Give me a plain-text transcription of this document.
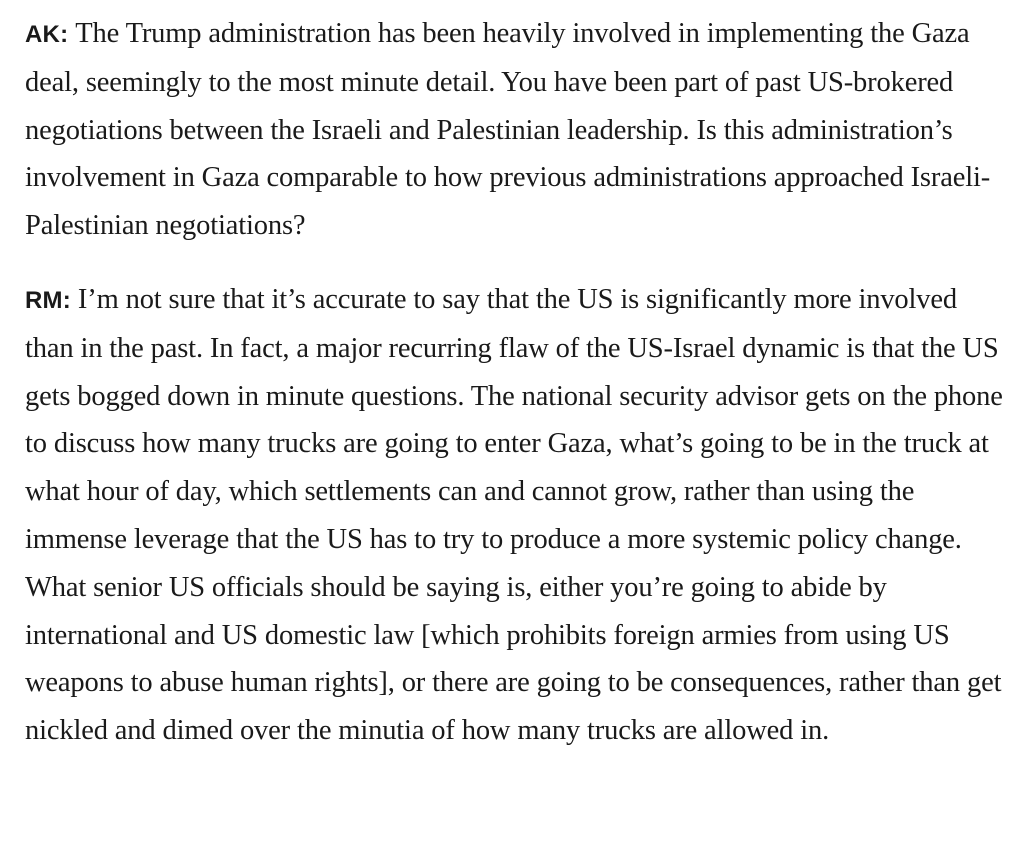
AK: The Trump administration has been heavily involved in implementing the Gaza deal, seemingly to the most minute detail. You have been part of past US-brokered negotiations between the Israeli and Palestinian leadership. Is this administration’s involvement in Gaza comparable to how previous administrations approached Israeli-Palestinian negotiations?

RM: I’m not sure that it’s accurate to say that the US is significantly more involved than in the past. In fact, a major recurring flaw of the US-Israel dynamic is that the US gets bogged down in minute questions. The national security advisor gets on the phone to discuss how many trucks are going to enter Gaza, what’s going to be in the truck at what hour of day, which settlements can and cannot grow, rather than using the immense leverage that the US has to try to produce a more systemic policy change. What senior US officials should be saying is, either you’re going to abide by international and US domestic law [which prohibits foreign armies from using US weapons to abuse human rights], or there are going to be consequences, rather than get nickled and dimed over the minutia of how many trucks are allowed in.
